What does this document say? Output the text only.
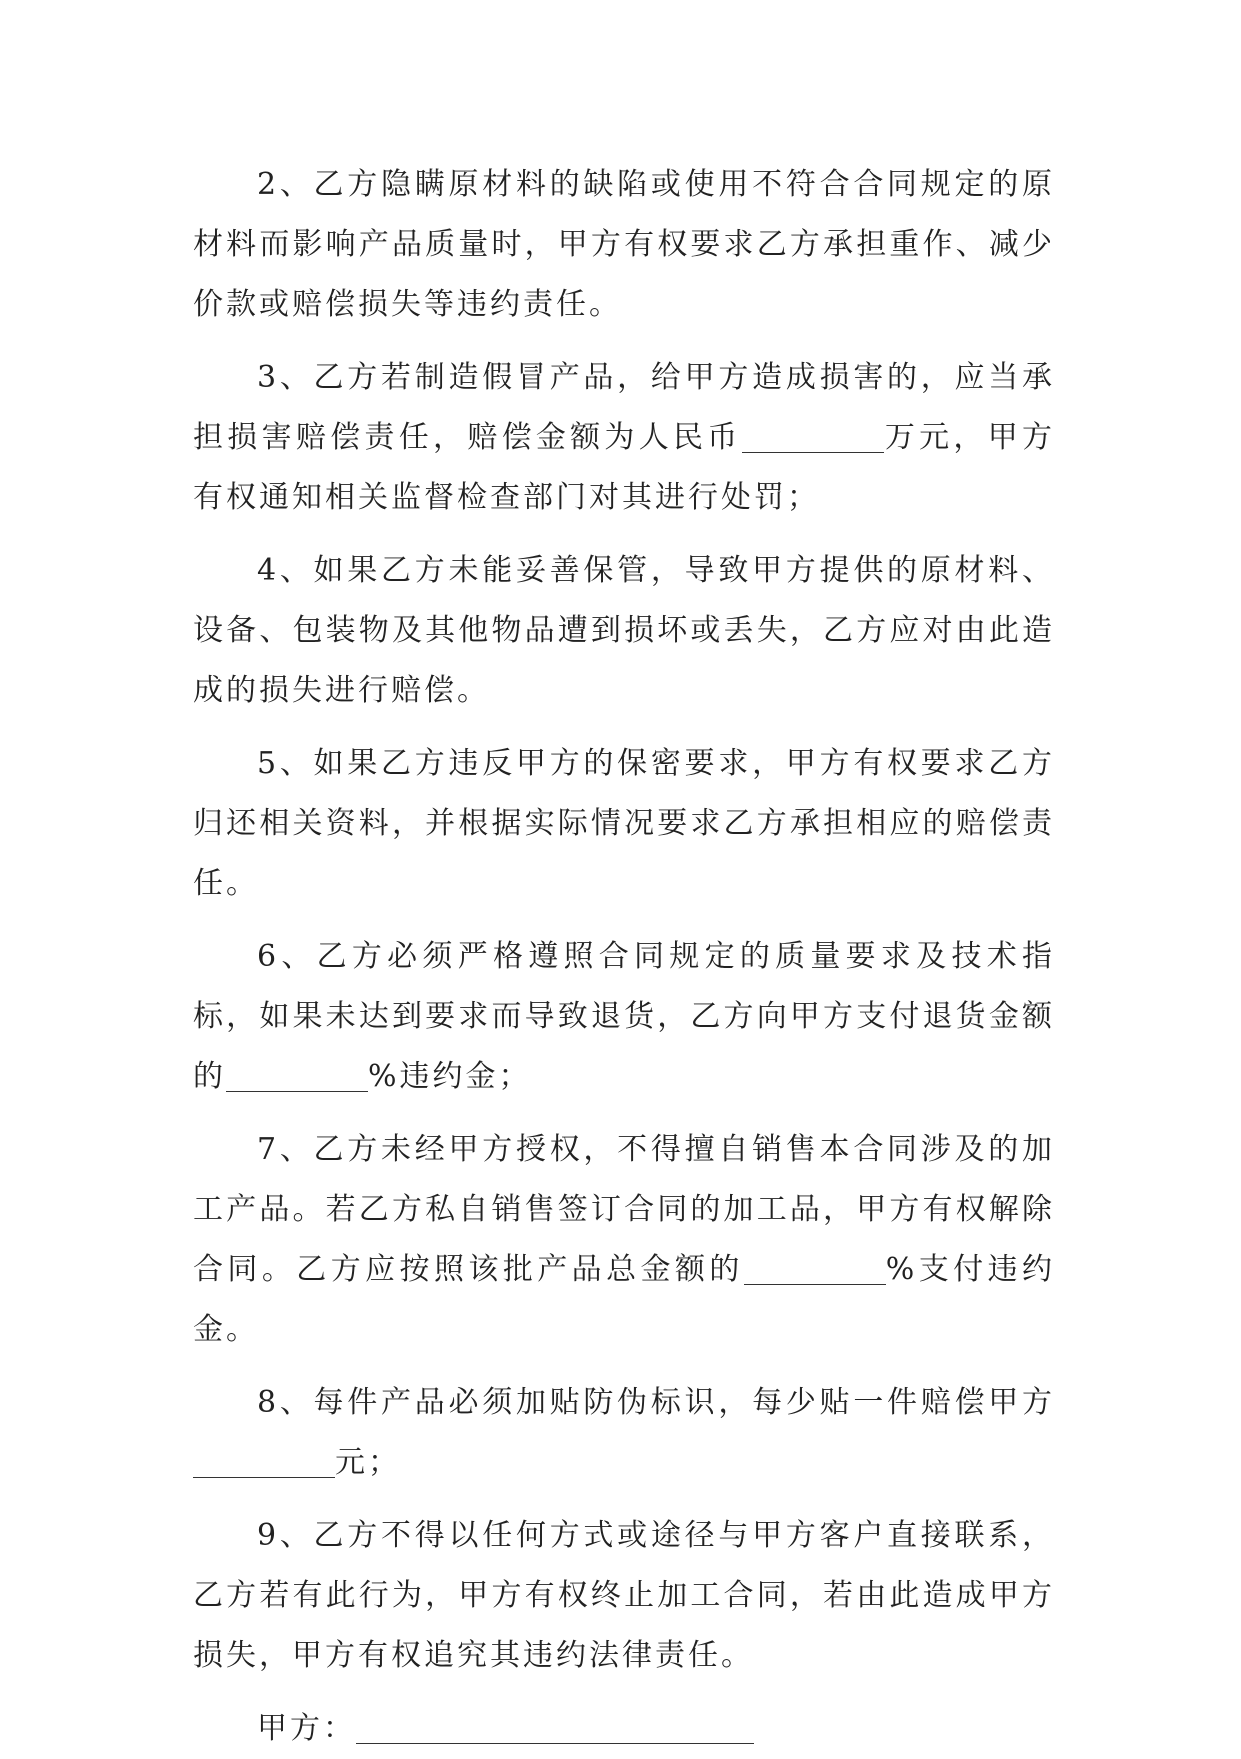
2、乙方隐瞒原材料的缺陷或使用不符合合同规定的原材料而影响产品质量时，甲方有权要求乙方承担重作、减少价款或赔偿损失等违约责任。

3、乙方若制造假冒产品，给甲方造成损害的，应当承担损害赔偿责任，赔偿金额为人民币	万元，甲方有权通知相关监督检查部门对其进行处罚；

4、如果乙方未能妥善保管，导致甲方提供的原材料、设备、包装物及其他物品遭到损坏或丢失，乙方应对由此造成的损失进行赔偿。

5、如果乙方违反甲方的保密要求，甲方有权要求乙方归还相关资料，并根据实际情况要求乙方承担相应的赔偿责任。

6、乙方必须严格遵照合同规定的质量要求及技术指标，如果未达到要求而导致退货，乙方向甲方支付退货金额的	%违约金；

7、乙方未经甲方授权，不得擅自销售本合同涉及的加工产品。若乙方私自销售签订合同的加工品，甲方有权解除合同。乙方应按照该批产品总金额的	%支付违约金。

8、每件产品必须加贴防伪标识，每少贴一件赔偿甲方元；

9、乙方不得以任何方式或途径与甲方客户直接联系，乙方若有此行为，甲方有权终止加工合同，若由此造成甲方损失，甲方有权追究其违约法律责任。

甲方：
